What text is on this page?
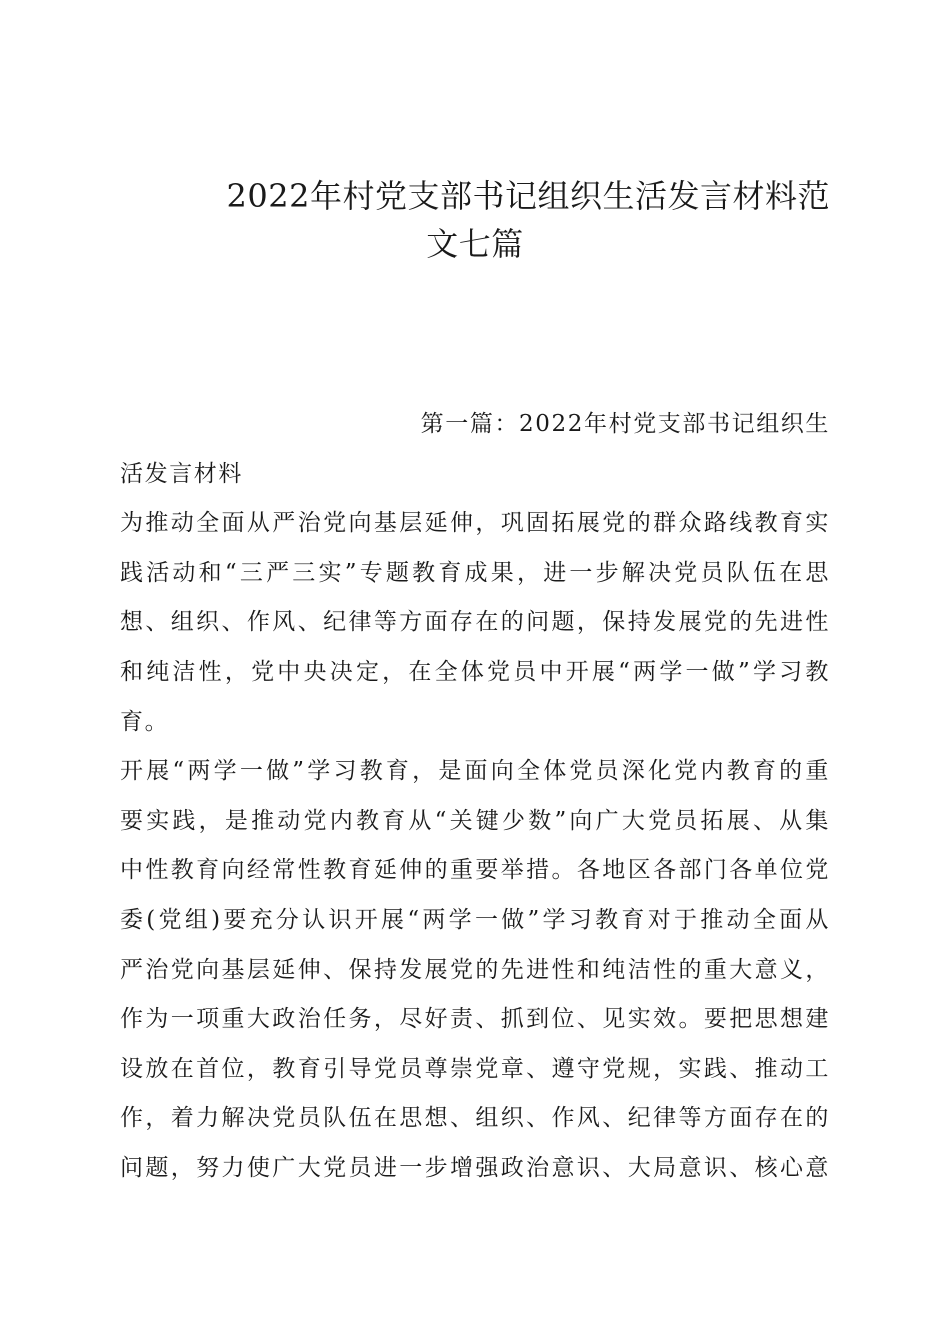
2022年村党支部书记组织生活发言材料范
文七篇
第一篇：2022年村党支部书记组织生
活发言材料
为推动全面从严治党向基层延伸，巩固拓展党的群众路线教育实
践活动和“三严三实”专题教育成果，进一步解决党员队伍在思
想、组织、作风、纪律等方面存在的问题，保持发展党的先进性
和纯洁性，党中央决定，在全体党员中开展“两学一做”学习教
育。
开展“两学一做”学习教育，是面向全体党员深化党内教育的重
要实践，是推动党内教育从“关键少数”向广大党员拓展、从集
中性教育向经常性教育延伸的重要举措。各地区各部门各单位党
委(党组)要充分认识开展“两学一做”学习教育对于推动全面从
严治党向基层延伸、保持发展党的先进性和纯洁性的重大意义，
作为一项重大政治任务，尽好责、抓到位、见实效。要把思想建
设放在首位，教育引导党员尊崇党章、遵守党规，实践、推动工
作，着力解决党员队伍在思想、组织、作风、纪律等方面存在的
问题，努力使广大党员进一步增强政治意识、大局意识、核心意
